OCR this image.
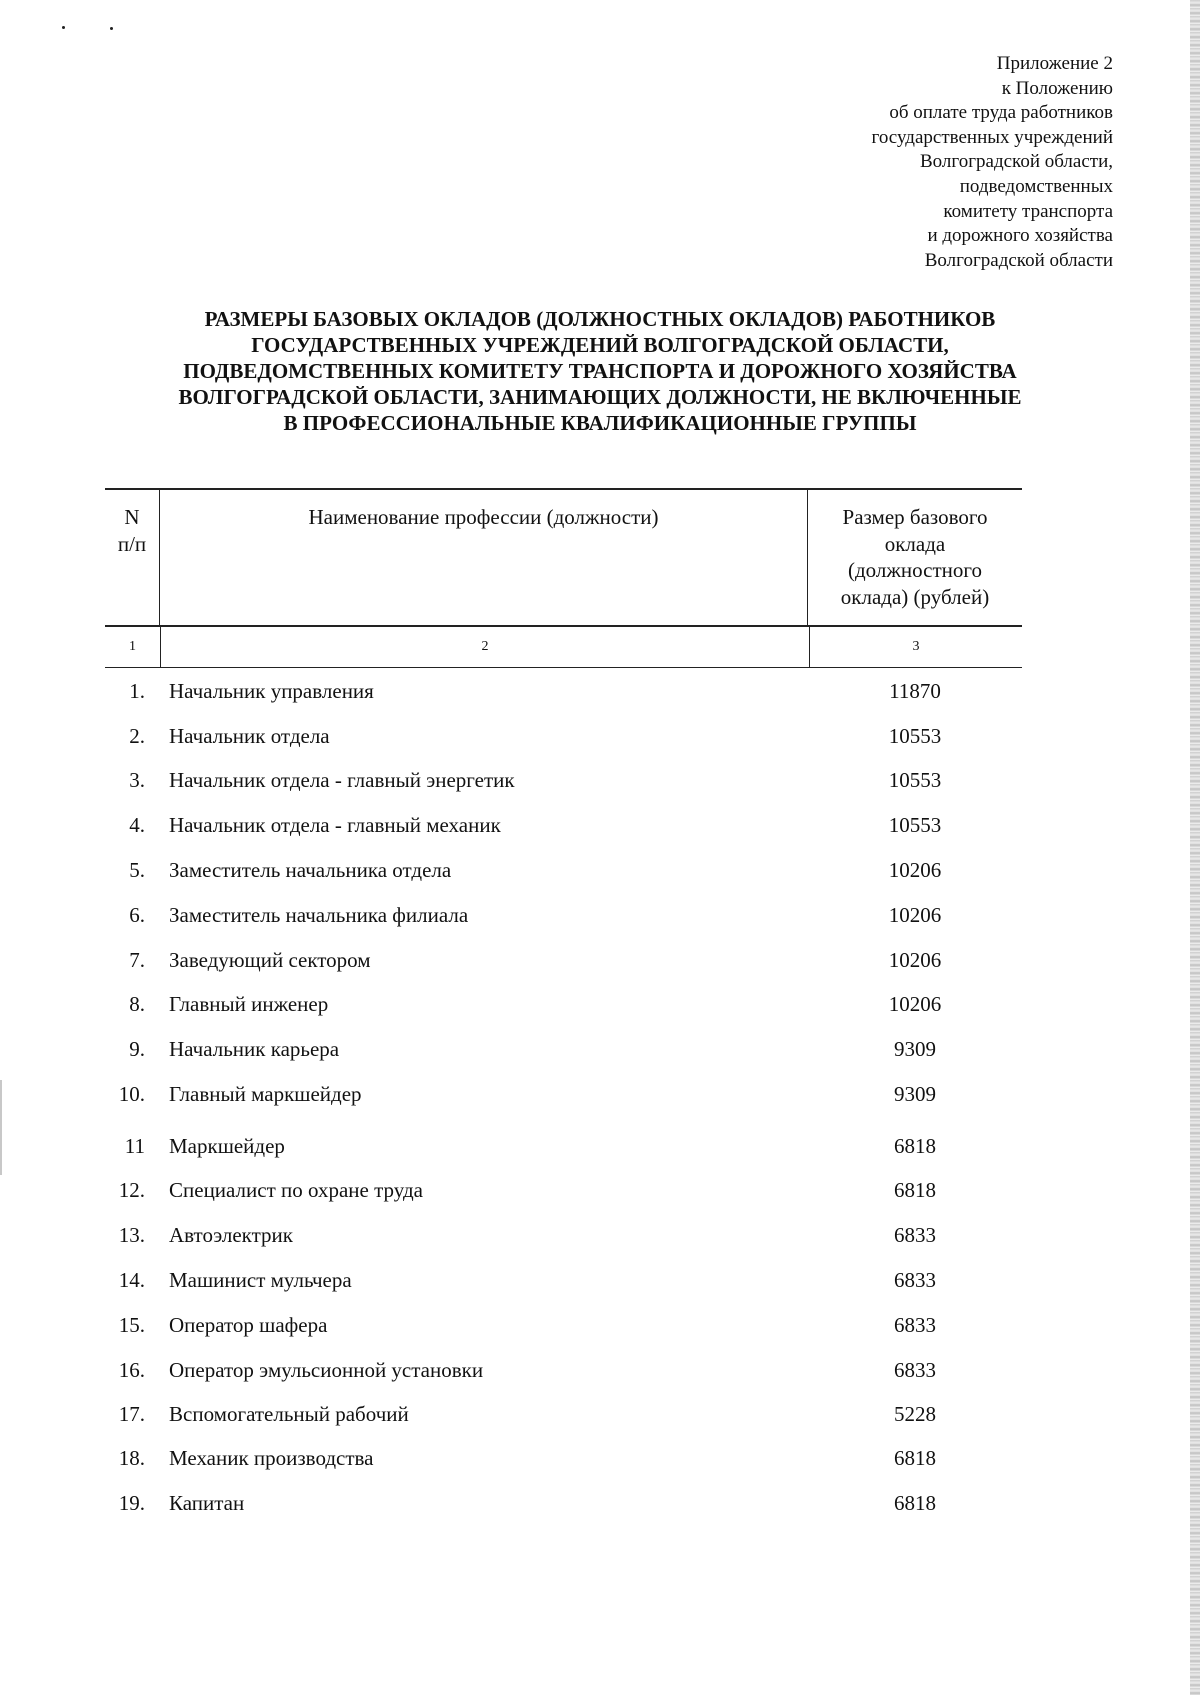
Приложение 2
к Положению
об оплате труда работников
государственных учреждений
Волгоградской области,
подведомственных
комитету транспорта
и дорожного хозяйства
Волгоградской области
РАЗМЕРЫ БАЗОВЫХ ОКЛАДОВ (ДОЛЖНОСТНЫХ ОКЛАДОВ) РАБОТНИКОВ
ГОСУДАРСТВЕННЫХ УЧРЕЖДЕНИЙ ВОЛГОГРАДСКОЙ ОБЛАСТИ,
ПОДВЕДОМСТВЕННЫХ КОМИТЕТУ ТРАНСПОРТА И ДОРОЖНОГО ХОЗЯЙСТВА
ВОЛГОГРАДСКОЙ ОБЛАСТИ, ЗАНИМАЮЩИХ ДОЛЖНОСТИ, НЕ ВКЛЮЧЕННЫЕ
В ПРОФЕССИОНАЛЬНЫЕ КВАЛИФИКАЦИОННЫЕ ГРУППЫ
N
п/п
Наименование профессии (должности)	Размер базового
оклада
(должностного
оклада) (рублей)
1	2	3
1. Начальник управления	11870
2. Начальник отдела	10553
3. Начальник отдела - главный энергетик	10553
4. Начальник отдела - главный механик	10553
5. Заместитель начальника отдела	10206
6. Заместитель начальника филиала	10206
7. Заведующий сектором	10206
8. Главный инженер	10206
9. Начальник карьера	9309
10. Главный маркшейдер	9309
11 Маркшейдер	6818
12. Специалист по охране труда	6818
13. Автоэлектрик	6833
14. Машинист мульчера	6833
15. Оператор шафера	6833
16. Оператор эмульсионной установки	6833
17. Вспомогательный рабочий	5228
18. Механик производства	6818
19. Капитан	6818
